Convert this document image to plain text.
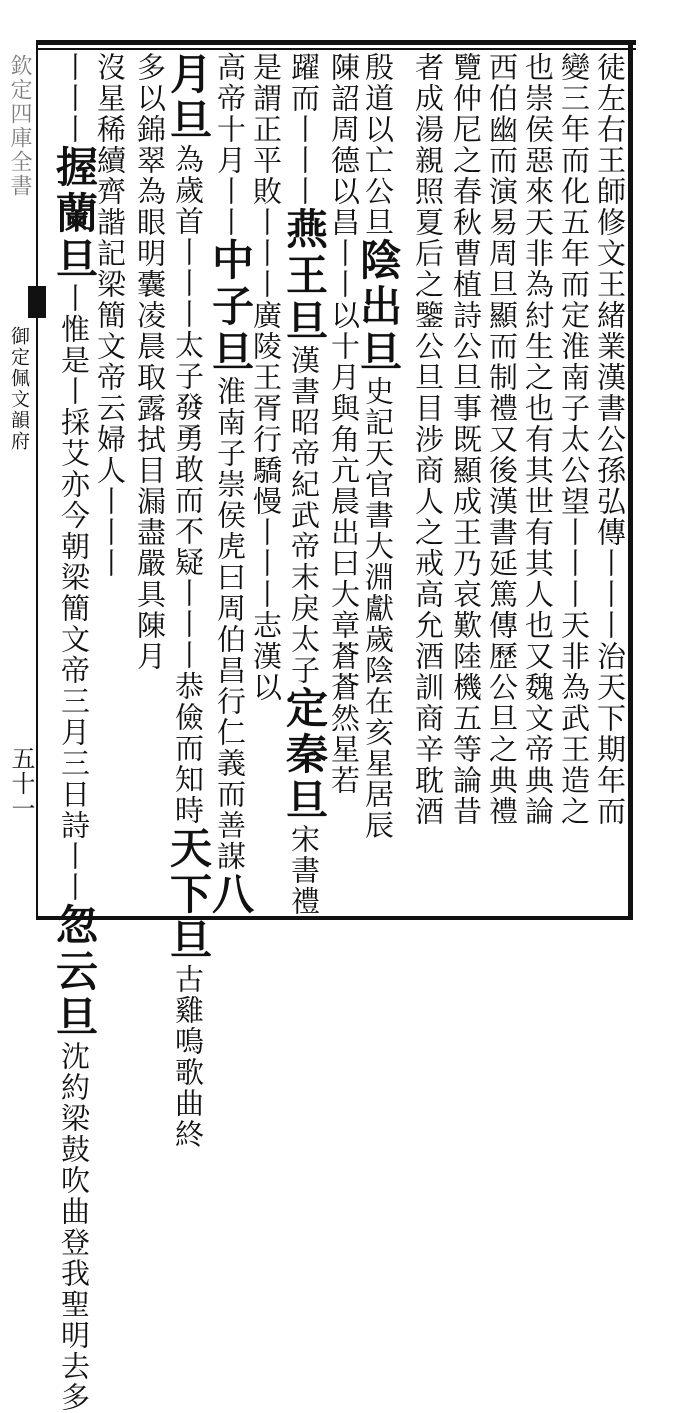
欽定四庫全書
御定佩文韻府
五十一	徒左右王師修文王緒業漢書公孫弘傳丨丨丨治天下期年而
變三年而化五年而定淮南子太公望丨丨丨天非為武王造之
也崇侯惡來天非為紂生之也有其世有其人也又魏文帝典論
西伯幽而演易周旦顯而制禮又後漢書延篤傳歷公旦之典禮
覽仲尼之春秋曹植詩公旦事既顯成王乃哀歎陸機五等論昔
者成湯親照夏后之鑒公旦目涉商人之戒高允酒訓商辛耽酒
殷道以亡公旦陰出旦史記天官書大淵獻歲陰在亥星居辰
陳詔周德以昌丨丨以十月與角亢晨出曰大章蒼蒼然星若
躍而丨丨丨燕王旦漢書昭帝紀武帝末戾太子定秦旦宋書禮
是謂正平敗丨丨丨廣陵王胥行驕慢丨丨丨志漢以
高帝十月丨丨中子旦淮南子崇侯虎曰周伯昌行仁義而善謀八
月旦為歲首丨丨丨太子發勇敢而不疑丨丨丨恭儉而知時天下旦古雞鳴歌曲終
多以錦翠為眼明囊凌晨取露拭目漏盡嚴具陳月
沒星稀續齊諧記梁簡文帝云婦人丨丨丨
丨丨丨握蘭旦丨惟是丨採艾亦今朝梁簡文帝三月三日詩丨丨忽云旦沈約梁鼓吹曲登我聖明去多
